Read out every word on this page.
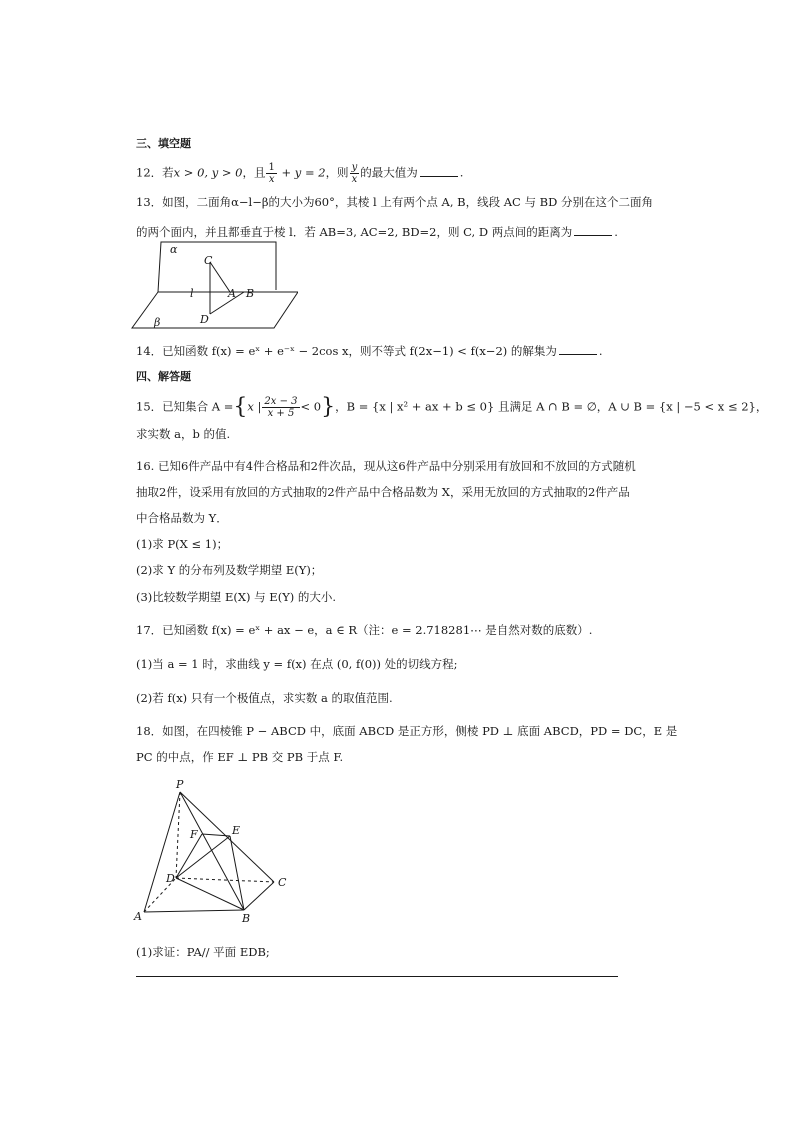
三、填空题
12．若x > 0, y > 0，且 $\frac{1}{x} + y = 2$，则 $\frac{y}{x}$ 的最大值为	.
13．如图，二面角α−l−β的大小为60°，其棱 l 上有两个点 A, B，线段 AC 与 BD 分别在这个二面角
的两个面内，并且都垂直于棱 l．若 AB=3, AC=2, BD=2，则 C, D 两点间的距离为	.
α
C
l	A B
D
β
14．已知函数 f(x) = eˣ + e⁻ˣ − 2cos x，则不等式 f(2x−1) < f(x−2) 的解集为	.
四、解答题
15．已知集合 A ={x | $\frac{2x - 3}{x + 5} < 0$}，B = {x | x² + ax + b ≤ 0} 且满足 A ∩ B = ∅，A ∪ B = {x | −5 < x ≤ 2}，
求实数 a，b 的值.
16. 已知6件产品中有4件合格品和2件次品，现从这6件产品中分别采用有放回和不放回的方式随机
抽取2件，设采用有放回的方式抽取的2件产品中合格品数为 X，采用无放回的方式抽取的2件产品
中合格品数为 Y．
(1)求 P(X ≤ 1)；
(2)求 Y 的分布列及数学期望 E(Y)；
(3)比较数学期望 E(X) 与 E(Y) 的大小.
17．已知函数 f(x) = eˣ + ax − e，a ∈ R（注：e = 2.718281⋯ 是自然对数的底数）.
(1)当 a = 1 时，求曲线 y = f(x) 在点 (0, f(0)) 处的切线方程;
(2)若 f(x) 只有一个极值点，求实数 a 的取值范围.
18．如图，在四棱锥 P − ABCD 中，底面 ABCD 是正方形，侧棱 PD ⊥ 底面 ABCD，PD = DC，E 是
PC 的中点，作 EF ⊥ PB 交 PB 于点 F.
P
F	E
D	C
A	B
(1)求证：PA// 平面 EDB;
